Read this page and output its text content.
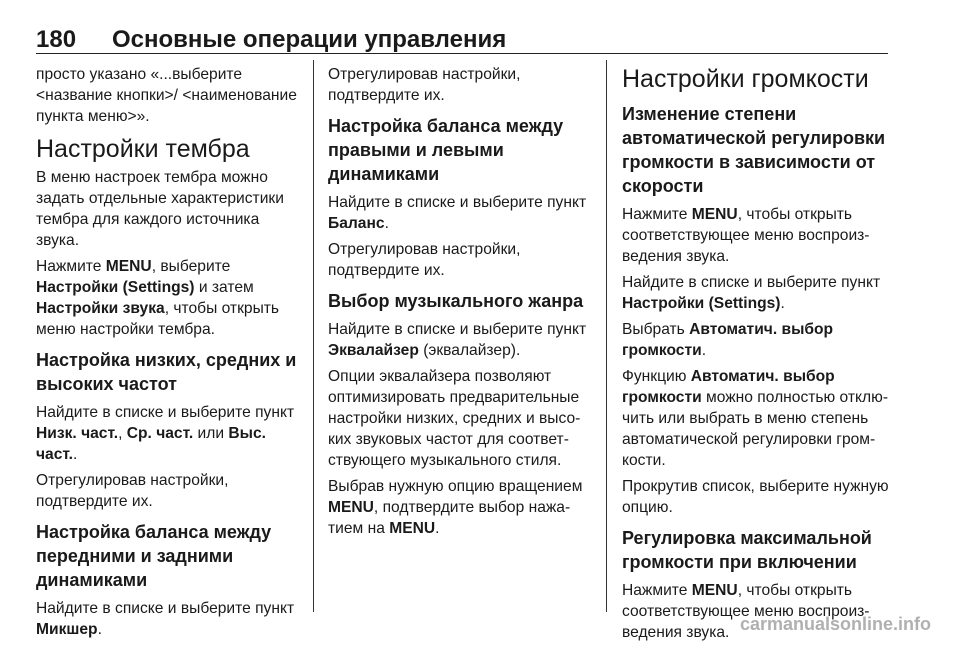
180 Основные операции управления

просто указано «...выберите <название кнопки>/ <наименование пункта меню>».

Настройки тембра

В меню настроек тембра можно задать отдельные характеристики тембра для каждого источника звука.

Нажмите MENU, выберите Настройки (Settings) и затем Настройки звука, чтобы открыть меню настройки тембра.

Настройка низких, средних и высоких частот

Найдите в списке и выберите пункт Низк. част., Ср. част. или Выс. част..

Отрегулировав настройки, подтвердите их.

Настройка баланса между передними и задними динамиками

Найдите в списке и выберите пункт Микшер.

Отрегулировав настройки, подтвердите их.

Настройка баланса между правыми и левыми динамиками

Найдите в списке и выберите пункт Баланс.

Отрегулировав настройки, подтвердите их.

Выбор музыкального жанра

Найдите в списке и выберите пункт Эквалайзер (эквалайзер).

Опции эквалайзера позволяют оптимизировать предварительные настройки низких, средних и высо- ких звуковых частот для соответ- ствующего музыкального стиля.

Выбрав нужную опцию вращением MENU, подтвердите выбор нажа- тием на MENU.

Настройки громкости
Изменение степени автоматической регулировки громкости в зависимости от скорости

Нажмите MENU, чтобы открыть соответствующее меню воспроиз- ведения звука.

Найдите в списке и выберите пункт Настройки (Settings).

Выбрать Автоматич. выбор громкости.

Функцию Автоматич. выбор громкости можно полностью отклю- чить или выбрать в меню степень автоматической регулировки гром- кости.

Прокрутив список, выберите нужную опцию.

Регулировка максимальной громкости при включении

Нажмите MENU, чтобы открыть соответствующее меню воспроиз- ведения звука. carmanualsonline.info
